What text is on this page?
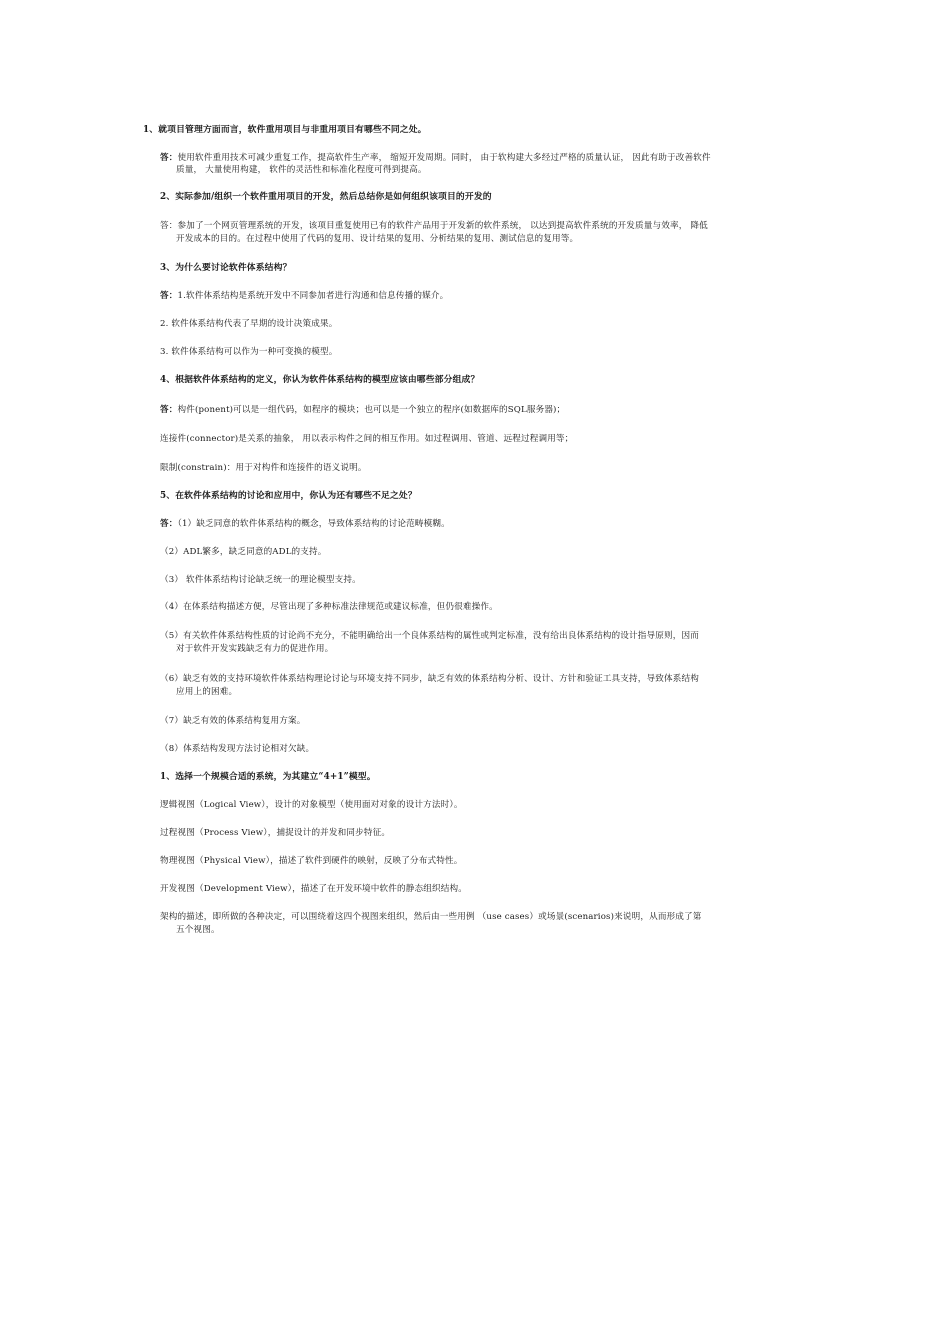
1、就项目管理方面而言，软件重用项目与非重用项目有哪些不同之处。
答：使用软件重用技术可减少重复工作，提高软件生产率， 缩短开发周期。同时， 由于软构建大多经过严格的质量认证， 因此有助于改善软件
质量， 大量使用构建， 软件的灵活性和标准化程度可得到提高。
2、实际参加/组织一个软件重用项目的开发，然后总结你是如何组织该项目的开发的
答：参加了一个网页管理系统的开发，该项目重复使用已有的软件产品用于开发新的软件系统， 以达到提高软件系统的开发质量与效率， 降低
开发成本的目的。在过程中使用了代码的复用、设计结果的复用、分析结果的复用、测试信息的复用等。
3、为什么要讨论软件体系结构？
答：1.软件体系结构是系统开发中不同参加者进行沟通和信息传播的媒介。
2. 软件体系结构代表了早期的设计决策成果。
3. 软件体系结构可以作为一种可变换的模型。
4、根据软件体系结构的定义，你认为软件体系结构的模型应该由哪些部分组成？
答：构件(ponent)可以是一组代码，如程序的模块；也可以是一个独立的程序(如数据库的SQL服务器)；
连接件(connector)是关系的抽象， 用以表示构件之间的相互作用。如过程调用、管道、远程过程调用等；
限制(constrain)：用于对构件和连接件的语义说明。
5、在软件体系结构的讨论和应用中，你认为还有哪些不足之处？
答：（1）缺乏同意的软件体系结构的概念，导致体系结构的讨论范畴模糊。
（2）ADL繁多，缺乏同意的ADL的支持。
（3） 软件体系结构讨论缺乏统一的理论模型支持。
（4）在体系结构描述方便，尽管出现了多种标准法律规范或建议标准，但仍很难操作。
（5）有关软件体系结构性质的讨论尚不充分，不能明确给出一个良体系结构的属性或判定标准，没有给出良体系结构的设计指导原则，因而
对于软件开发实践缺乏有力的促进作用。
（6）缺乏有效的支持环境软件体系结构理论讨论与环境支持不同步，缺乏有效的体系结构分析、设计、方针和验证工具支持，导致体系结构
应用上的困难。
（7）缺乏有效的体系结构复用方案。
（8）体系结构发现方法讨论相对欠缺。
1、选择一个规模合适的系统，为其建立“4+1”模型。
逻辑视图（Logical View），设计的对象模型（使用面对对象的设计方法时）。
过程视图（Process View），捕捉设计的并发和同步特征。
物理视图（Physical View），描述了软件到硬件的映射，反映了分布式特性。
开发视图（Development View），描述了在开发环境中软件的静态组织结构。
架构的描述，即所做的各种决定，可以围绕着这四个视图来组织，然后由一些用例 （use cases）或场景(scenarios)来说明，从而形成了第
五个视图。
